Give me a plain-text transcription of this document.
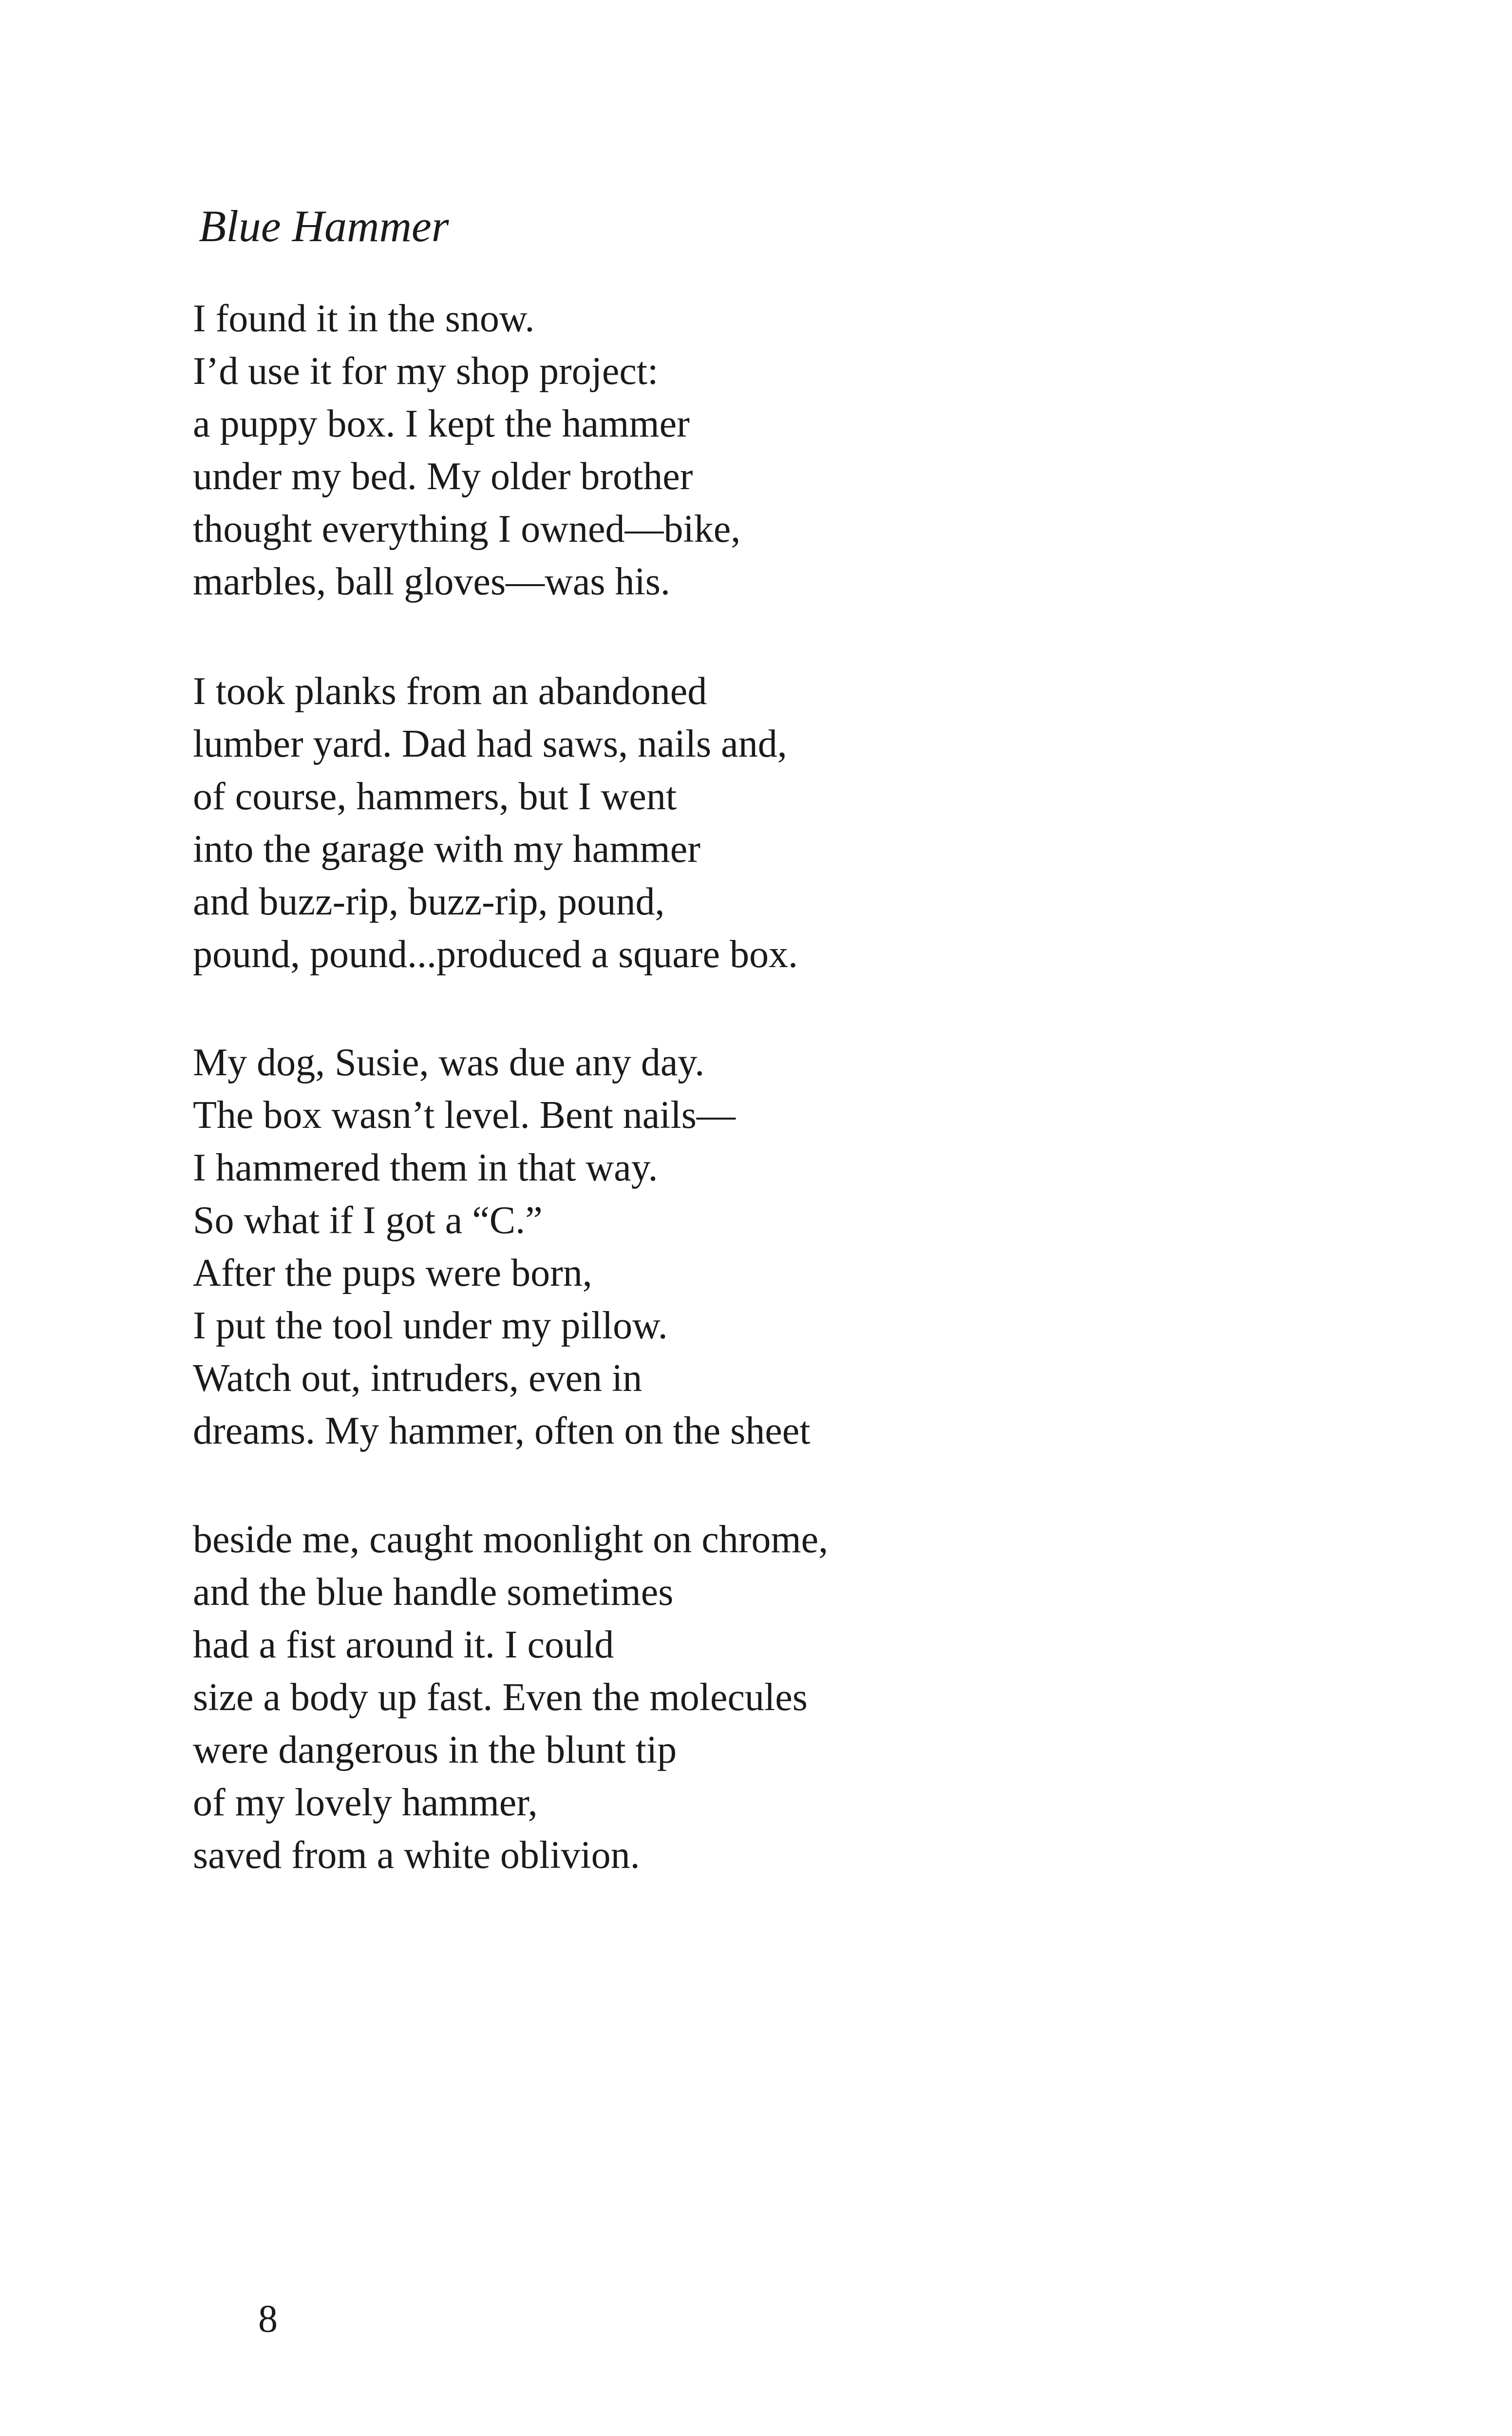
Blue Hammer
I found it in the snow.
I’d use it for my shop project:
a puppy box. I kept the hammer
under my bed. My older brother
thought everything I owned—bike,
marbles, ball gloves—was his.
I took planks from an abandoned
lumber yard. Dad had saws, nails and,
of course, hammers, but I went
into the garage with my hammer
and buzz-rip, buzz-rip, pound,
pound, pound...produced a square box.
My dog, Susie, was due any day.
The box wasn’t level. Bent nails—
I hammered them in that way.
So what if I got a “C.”
After the pups were born,
I put the tool under my pillow.
Watch out, intruders, even in
dreams. My hammer, often on the sheet
beside me, caught moonlight on chrome,
and the blue handle sometimes
had a fist around it. I could
size a body up fast. Even the molecules
were dangerous in the blunt tip
of my lovely hammer,
saved from a white oblivion.
8
